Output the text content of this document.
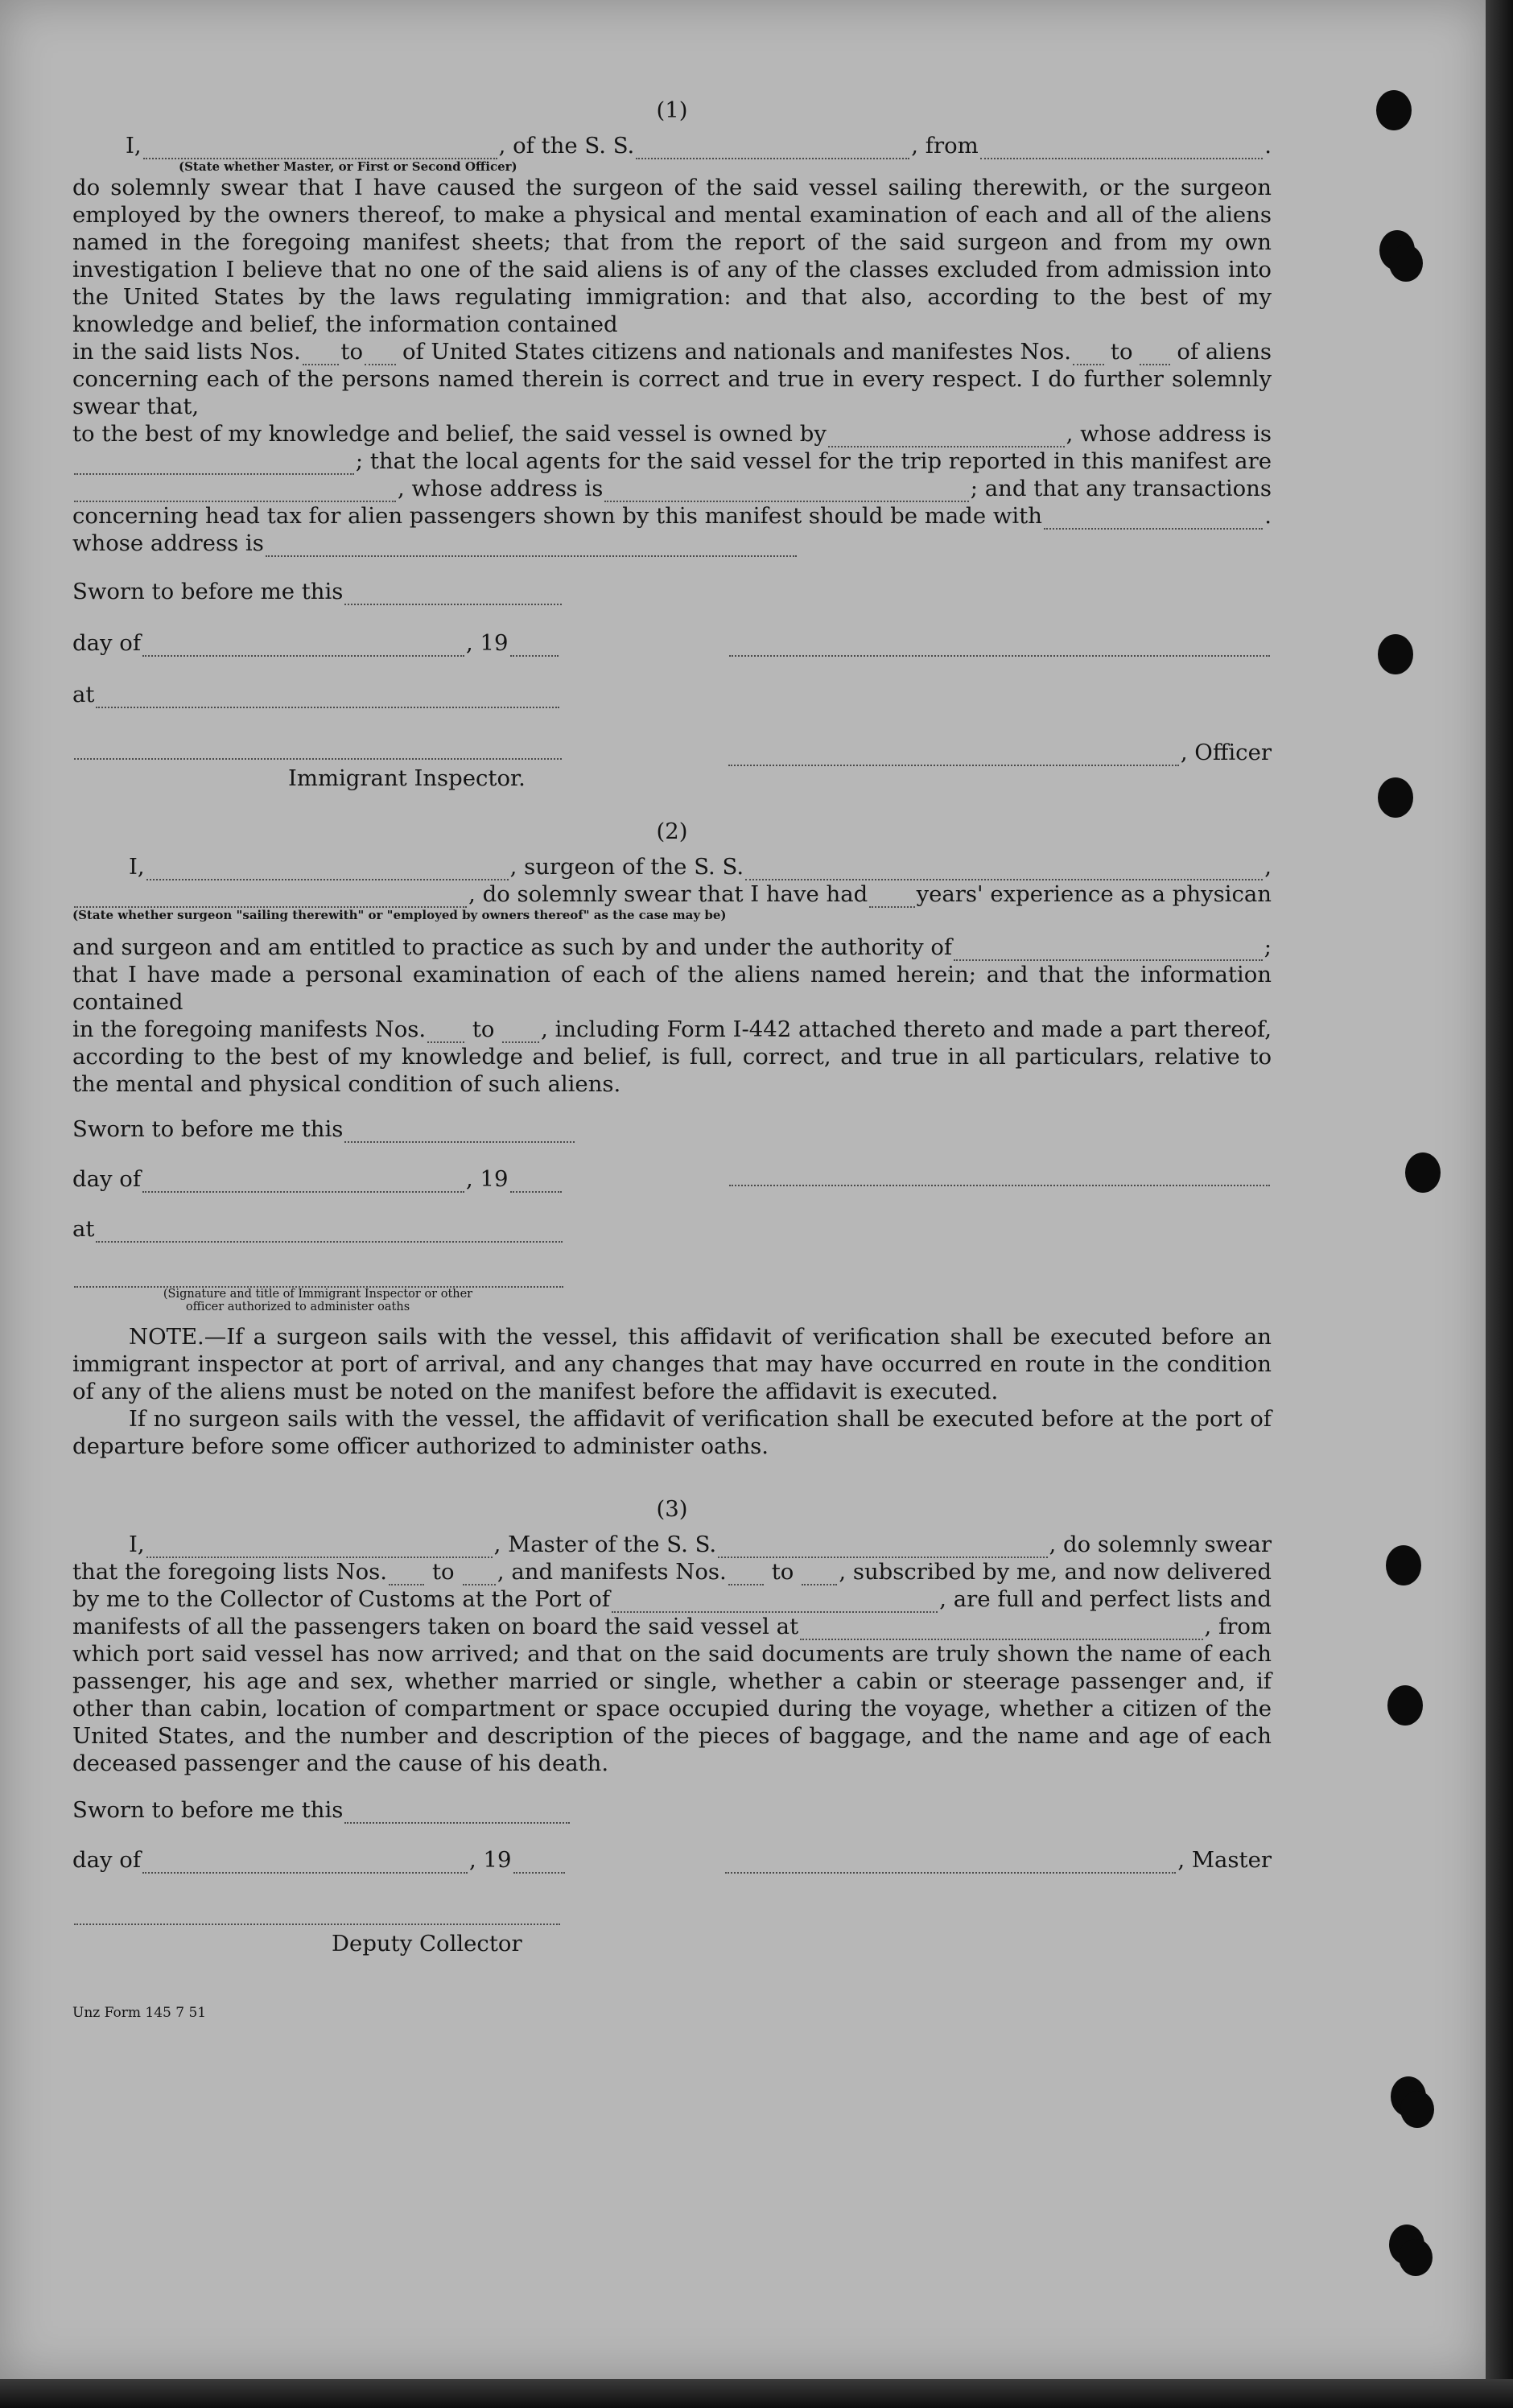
(1)

I,	, of the S. S.	, from	.
(State whether Master, or First or Second Officer)

do solemnly swear that I have caused the surgeon of the said vessel sailing therewith, or the surgeon employed by the owners thereof, to make a physical and mental examination of each and all of the aliens named in the foregoing manifest sheets; that from the report of the said surgeon and from my own investigation I believe that no one of the said aliens is of any of the classes excluded from admission into the United States by the laws regulating immigration: and that also, according to the best of my knowledge and belief, the information contained

in the said lists Nos. to of United States citizens and nationals and manifestes Nos. to of aliens

concerning each of the persons named therein is correct and true in every respect. I do further solemnly swear that,

to the best of my knowledge and belief, the said vessel is owned by	, whose address is
; that the local agents for the said vessel for the trip reported in this manifest are
, whose address is	; and that any transactions
concerning head tax for alien passengers shown by this manifest should be made with	.
whose address is
Sworn to before me this
day of	, 19
at
Immigrant Inspector.
, Officer

(2)

I,	, surgeon of the S. S.	,
, do solemnly swear that I have had years' experience as a physican
(State whether surgeon "sailing therewith" or "employed by owners thereof" as the case may be)
and surgeon and am entitled to practice as such by and under the authority of	;

that I have made a personal examination of each of the aliens named herein; and that the information contained

in the foregoing manifests Nos. to , including Form I-442 attached thereto and made a part thereof,

according to the best of my knowledge and belief, is full, correct, and true in all particulars, relative to the mental and physical condition of such aliens.

Sworn to before me this
day of	, 19
at
(Signature and title of Immigrant Inspector or other
officer authorized to administer oaths

NOTE.—If a surgeon sails with the vessel, this affidavit of verification shall be executed before an immigrant inspector at port of arrival, and any changes that may have occurred en route in the condition of any of the aliens must be noted on the manifest before the affidavit is executed.

If no surgeon sails with the vessel, the affidavit of verification shall be executed before at the port of departure before some officer authorized to administer oaths.

(3)

I,	, Master of the S. S.	, do solemnly swear
that the foregoing lists Nos. to , and manifests Nos. to , subscribed by me, and now delivered
by me to the Collector of Customs at the Port of	, are full and perfect lists and
manifests of all the passengers taken on board the said vessel at	, from

which port said vessel has now arrived; and that on the said documents are truly shown the name of each passenger, his age and sex, whether married or single, whether a cabin or steerage passenger and, if other than cabin, location of compartment or space occupied during the voyage, whether a citizen of the United States, and the number and description of the pieces of baggage, and the name and age of each deceased passenger and the cause of his death.

Sworn to before me this
day of	, 19	, Master
Deputy Collector
Unz Form 145 7 51
